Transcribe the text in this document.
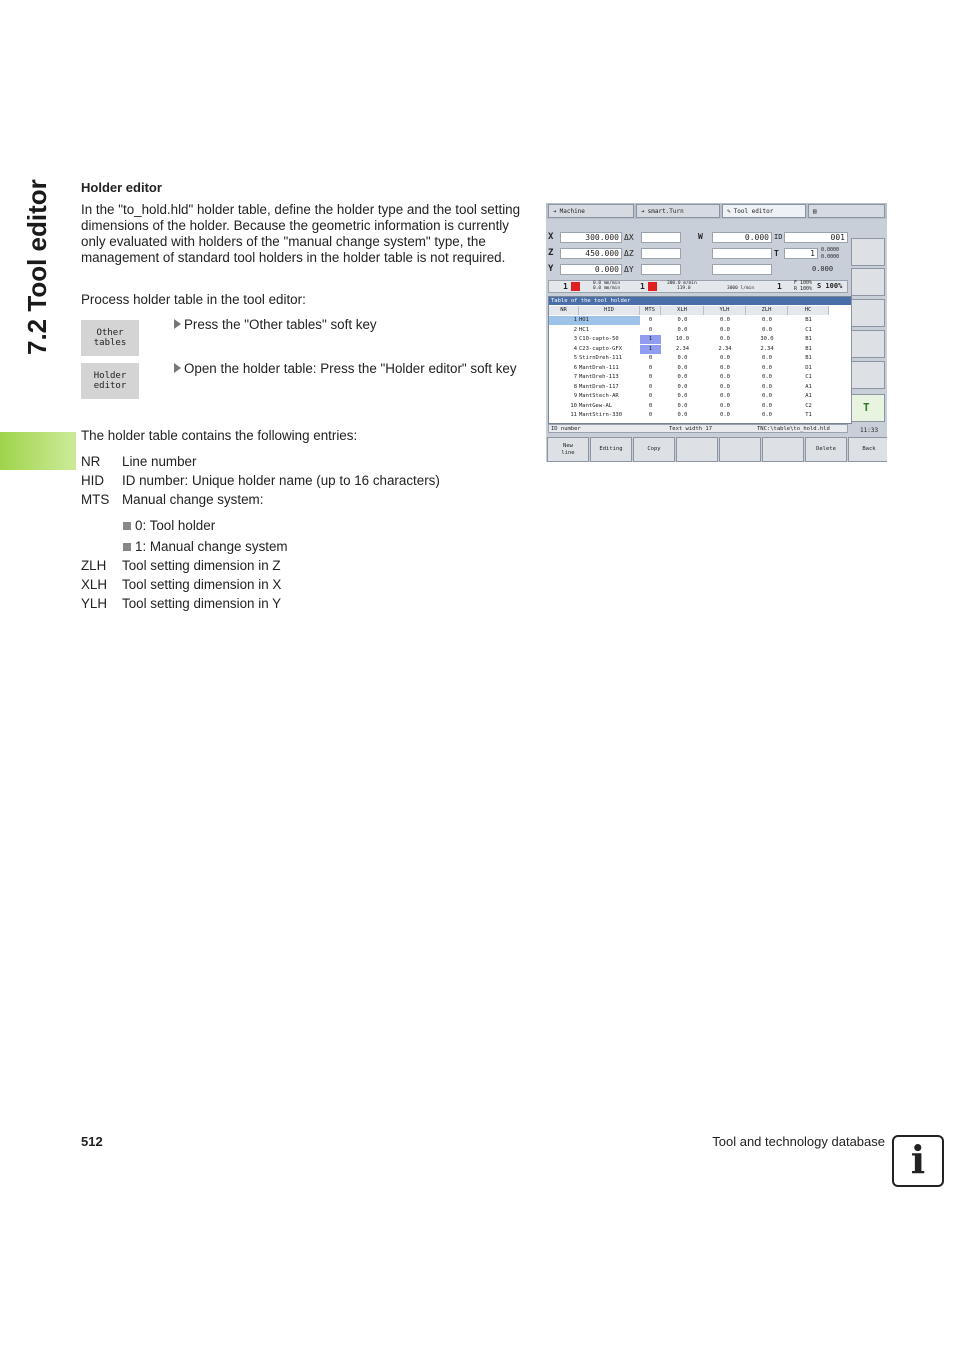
7.2 Tool editor Holder editor
In the "to_hold.hld" holder table, define the holder type and the tool setting dimensions of the holder. Because the geometric information is currently only evaluated with holders of the "manual change system" type, the management of standard tool holders in the holder table is not required.
Process holder table in the tool editor:
Other
tables
Press the "Other tables" soft key
Holder
editor
Open the holder table: Press the "Holder editor" soft key
The holder table contains the following entries:
NR Line number
HID ID number: Unique holder name (up to 16 characters)
MTS Manual change system:
0: Tool holder
1: Manual change system
ZLH Tool setting dimension in Z
XLH Tool setting dimension in X
YLH Tool setting dimension in Y
➔ Machine	➔ smart.Turn	✎ Tool editor	▤
X	300.000 ΔX
Z	450.000 ΔZ
Y	0.000 ΔY
W	0.000 ID	001
T	1	0.0000
0.0000
0.000
1	0.0 mm/min
0.0 mm/min 1	300.0 m/min
119.0	3000 l/min	1 F 100%
R 100% S 100%
Table of the tool holder
NR	HID	MTS	XLH	YLH	ZLH	HC
1 HO1	0	0.0	0.0	0.0	B1
2 HC1	0	0.0	0.0	0.0	C1
3 C10-capto-50	1	10.0	0.0	30.0	B1
4 C23-capto-GFX	1	2.34	2.34	2.34	B1
5 StirnDreh-111	0	0.0	0.0	0.0	B1
6 MantDreh-111	0	0.0	0.0	0.0	D1
7 MantDreh-113	0	0.0	0.0	0.0	C1
8 MantDreh-117	0	0.0	0.0	0.0	A1
9 MantStech-AR	0	0.0	0.0	0.0	A1
10 MantGew-AL	0	0.0	0.0	0.0	C2
11 MantStirn-330	0	0.0	0.0	0.0	T1
ID number	Text width 17	TNC:\table\to_hold.hld	11:33
T
New
line
Editing	Copy	Delete	Back
512	Tool and technology database i
